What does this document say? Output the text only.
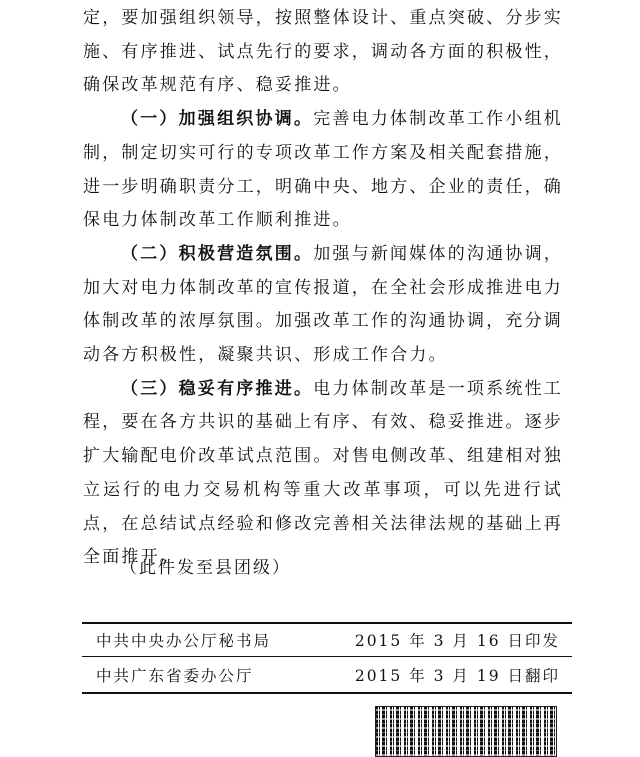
定，要加强组织领导，按照整体设计、重点突破、分步实施、有序推进、试点先行的要求，调动各方面的积极性，确保改革规范有序、稳妥推进。

（一）加强组织协调。完善电力体制改革工作小组机制，制定切实可行的专项改革工作方案及相关配套措施，进一步明确职责分工，明确中央、地方、企业的责任，确保电力体制改革工作顺利推进。

（二）积极营造氛围。加强与新闻媒体的沟通协调，加大对电力体制改革的宣传报道，在全社会形成推进电力体制改革的浓厚氛围。加强改革工作的沟通协调，充分调动各方积极性，凝聚共识、形成工作合力。

（三）稳妥有序推进。电力体制改革是一项系统性工程，要在各方共识的基础上有序、有效、稳妥推进。逐步扩大输配电价改革试点范围。对售电侧改革、组建相对独立运行的电力交易机构等重大改革事项，可以先进行试点，在总结试点经验和修改完善相关法律法规的基础上再全面推开。

（此件发至县团级）
中共中央办公厅秘书局	2015 年 3 月 16 日印发
中共广东省委办公厅	2015 年 3 月 19 日翻印
